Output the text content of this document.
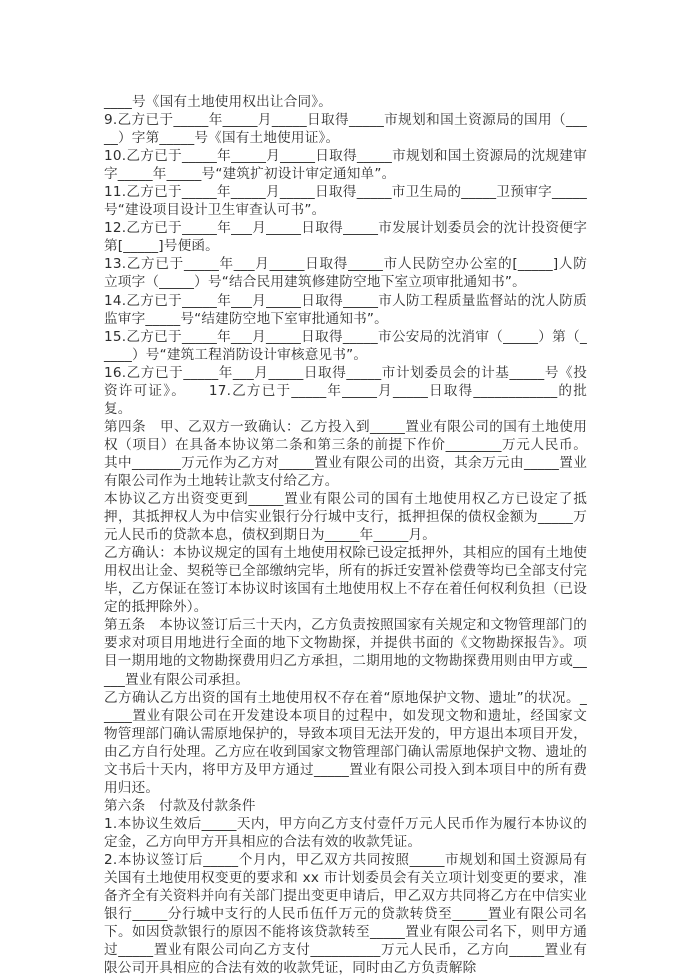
____号《国有土地使用权出让合同》。

9.乙方已于_____年_____月_____日取得_____市规划和国土资源局的国用（_____）字第_____号《国有土地使用证》。

10.乙方已于_____年_____月_____日取得_____市规划和国土资源局的沈规建审字_____年_____号“建筑扩初设计审定通知单”。

11.乙方已于_____年_____月_____日取得_____市卫生局的_____卫预审字_____号“建设项目设计卫生审查认可书”。

12.乙方已于_____年___月_____日取得_____市发展计划委员会的沈计投资便字第[_____]号便函。

13.乙方已于_____年___月_____日取得_____市人民防空办公室的[_____]人防立项字（_____）号“结合民用建筑修建防空地下室立项审批通知书”。

14.乙方已于_____年___月_____日取得_____市人防工程质量监督站的沈人防质监审字_____号“结建防空地下室审批通知书”。

15.乙方已于_____年___月_____日取得_____市公安局的沈消审（_____）第（_____）号“建筑工程消防设计审核意见书”。

16.乙方已于_____年___月_____日取得_____市计划委员会的计基_____号《投资许可证》。　　17.乙方已于_____年_____月_____日取得____________的批复。

第四条　甲、乙双方一致确认：乙方投入到_____置业有限公司的国有土地使用权（项目）在具备本协议第二条和第三条的前提下作价________万元人民币。其中_______万元作为乙方对_____置业有限公司的出资，其余万元由_____置业有限公司作为土地转让款支付给乙方。

本协议乙方出资变更到_____置业有限公司的国有土地使用权乙方已设定了抵押，其抵押权人为中信实业银行分行城中支行，抵押担保的债权金额为_____万元人民币的贷款本息，债权到期日为_____年_____月。

乙方确认：本协议规定的国有土地使用权除已设定抵押外，其相应的国有土地使用权出让金、契税等已全部缴纳完毕，所有的拆迁安置补偿费等均已全部支付完毕，乙方保证在签订本协议时该国有土地使用权上不存在着任何权利负担（已设定的抵押除外）。

第五条　本协议签订后三十天内，乙方负责按照国家有关规定和文物管理部门的要求对项目用地进行全面的地下文物勘探，并提供书面的《文物勘探报告》。项目一期用地的文物勘探费用归乙方承担，二期用地的文物勘探费用则由甲方或_____置业有限公司承担。

乙方确认乙方出资的国有土地使用权不存在着“原地保护文物、遗址”的状况。_____置业有限公司在开发建设本项目的过程中，如发现文物和遗址，经国家文物管理部门确认需原地保护的，导致本项目无法开发的，甲方退出本项目开发，由乙方自行处理。乙方应在收到国家文物管理部门确认需原地保护文物、遗址的文书后十天内，将甲方及甲方通过_____置业有限公司投入到本项目中的所有费用归还。

第六条　付款及付款条件

1.本协议生效后_____天内，甲方向乙方支付壹仟万元人民币作为履行本协议的定金，乙方向甲方开具相应的合法有效的收款凭证。

2.本协议签订后_____个月内，甲乙双方共同按照_____市规划和国土资源局有关国有土地使用权变更的要求和 xx 市计划委员会有关立项计划变更的要求，准备齐全有关资料并向有关部门提出变更申请后，甲乙双方共同将乙方在中信实业银行_____分行城中支行的人民币伍仟万元的贷款转贷至_____置业有限公司名下。如因贷款银行的原因不能将该贷款转至_____置业有限公司名下，则甲方通过_____置业有限公司向乙方支付__________万元人民币，乙方向_____置业有限公司开具相应的合法有效的收款凭证，同时由乙方负责解除
